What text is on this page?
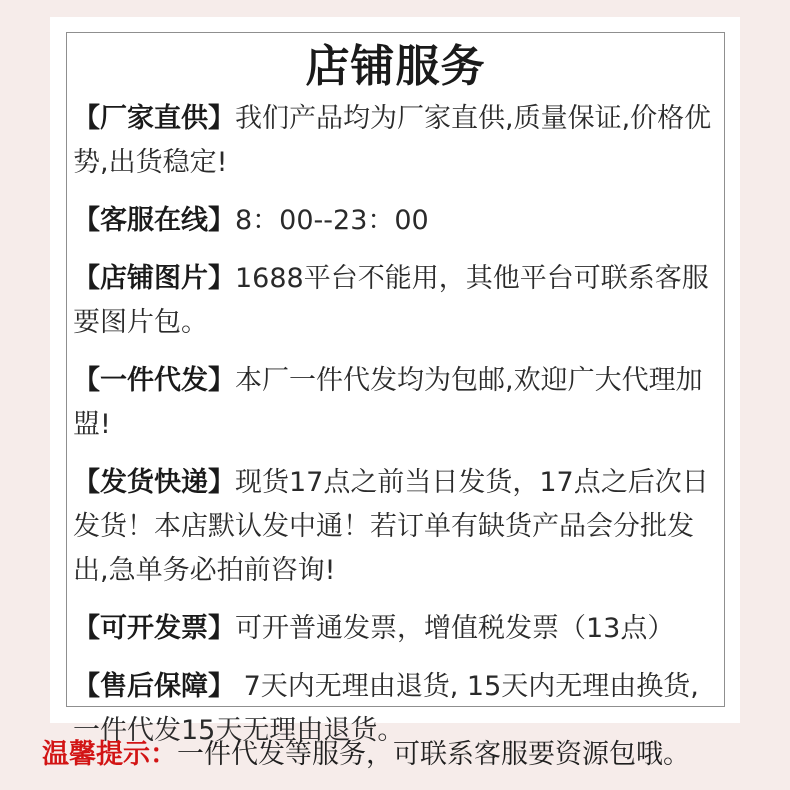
店铺服务

【厂家直供】我们产品均为厂家直供,质量保证,价格优势,出货稳定!

【客服在线】8：00--23：00

【店铺图片】1688平台不能用，其他平台可联系客服要图片包。

【一件代发】本厂一件代发均为包邮,欢迎广大代理加盟!

【发货快递】现货17点之前当日发货，17点之后次日发货！本店默认发中通！若订单有缺货产品会分批发出,急单务必拍前咨询!

【可开发票】可开普通发票，增值税发票（13点）

【售后保障】 7天内无理由退货, 15天内无理由换货,一件代发15天无理由退货。

温馨提示：一件代发等服务，可联系客服要资源包哦。
